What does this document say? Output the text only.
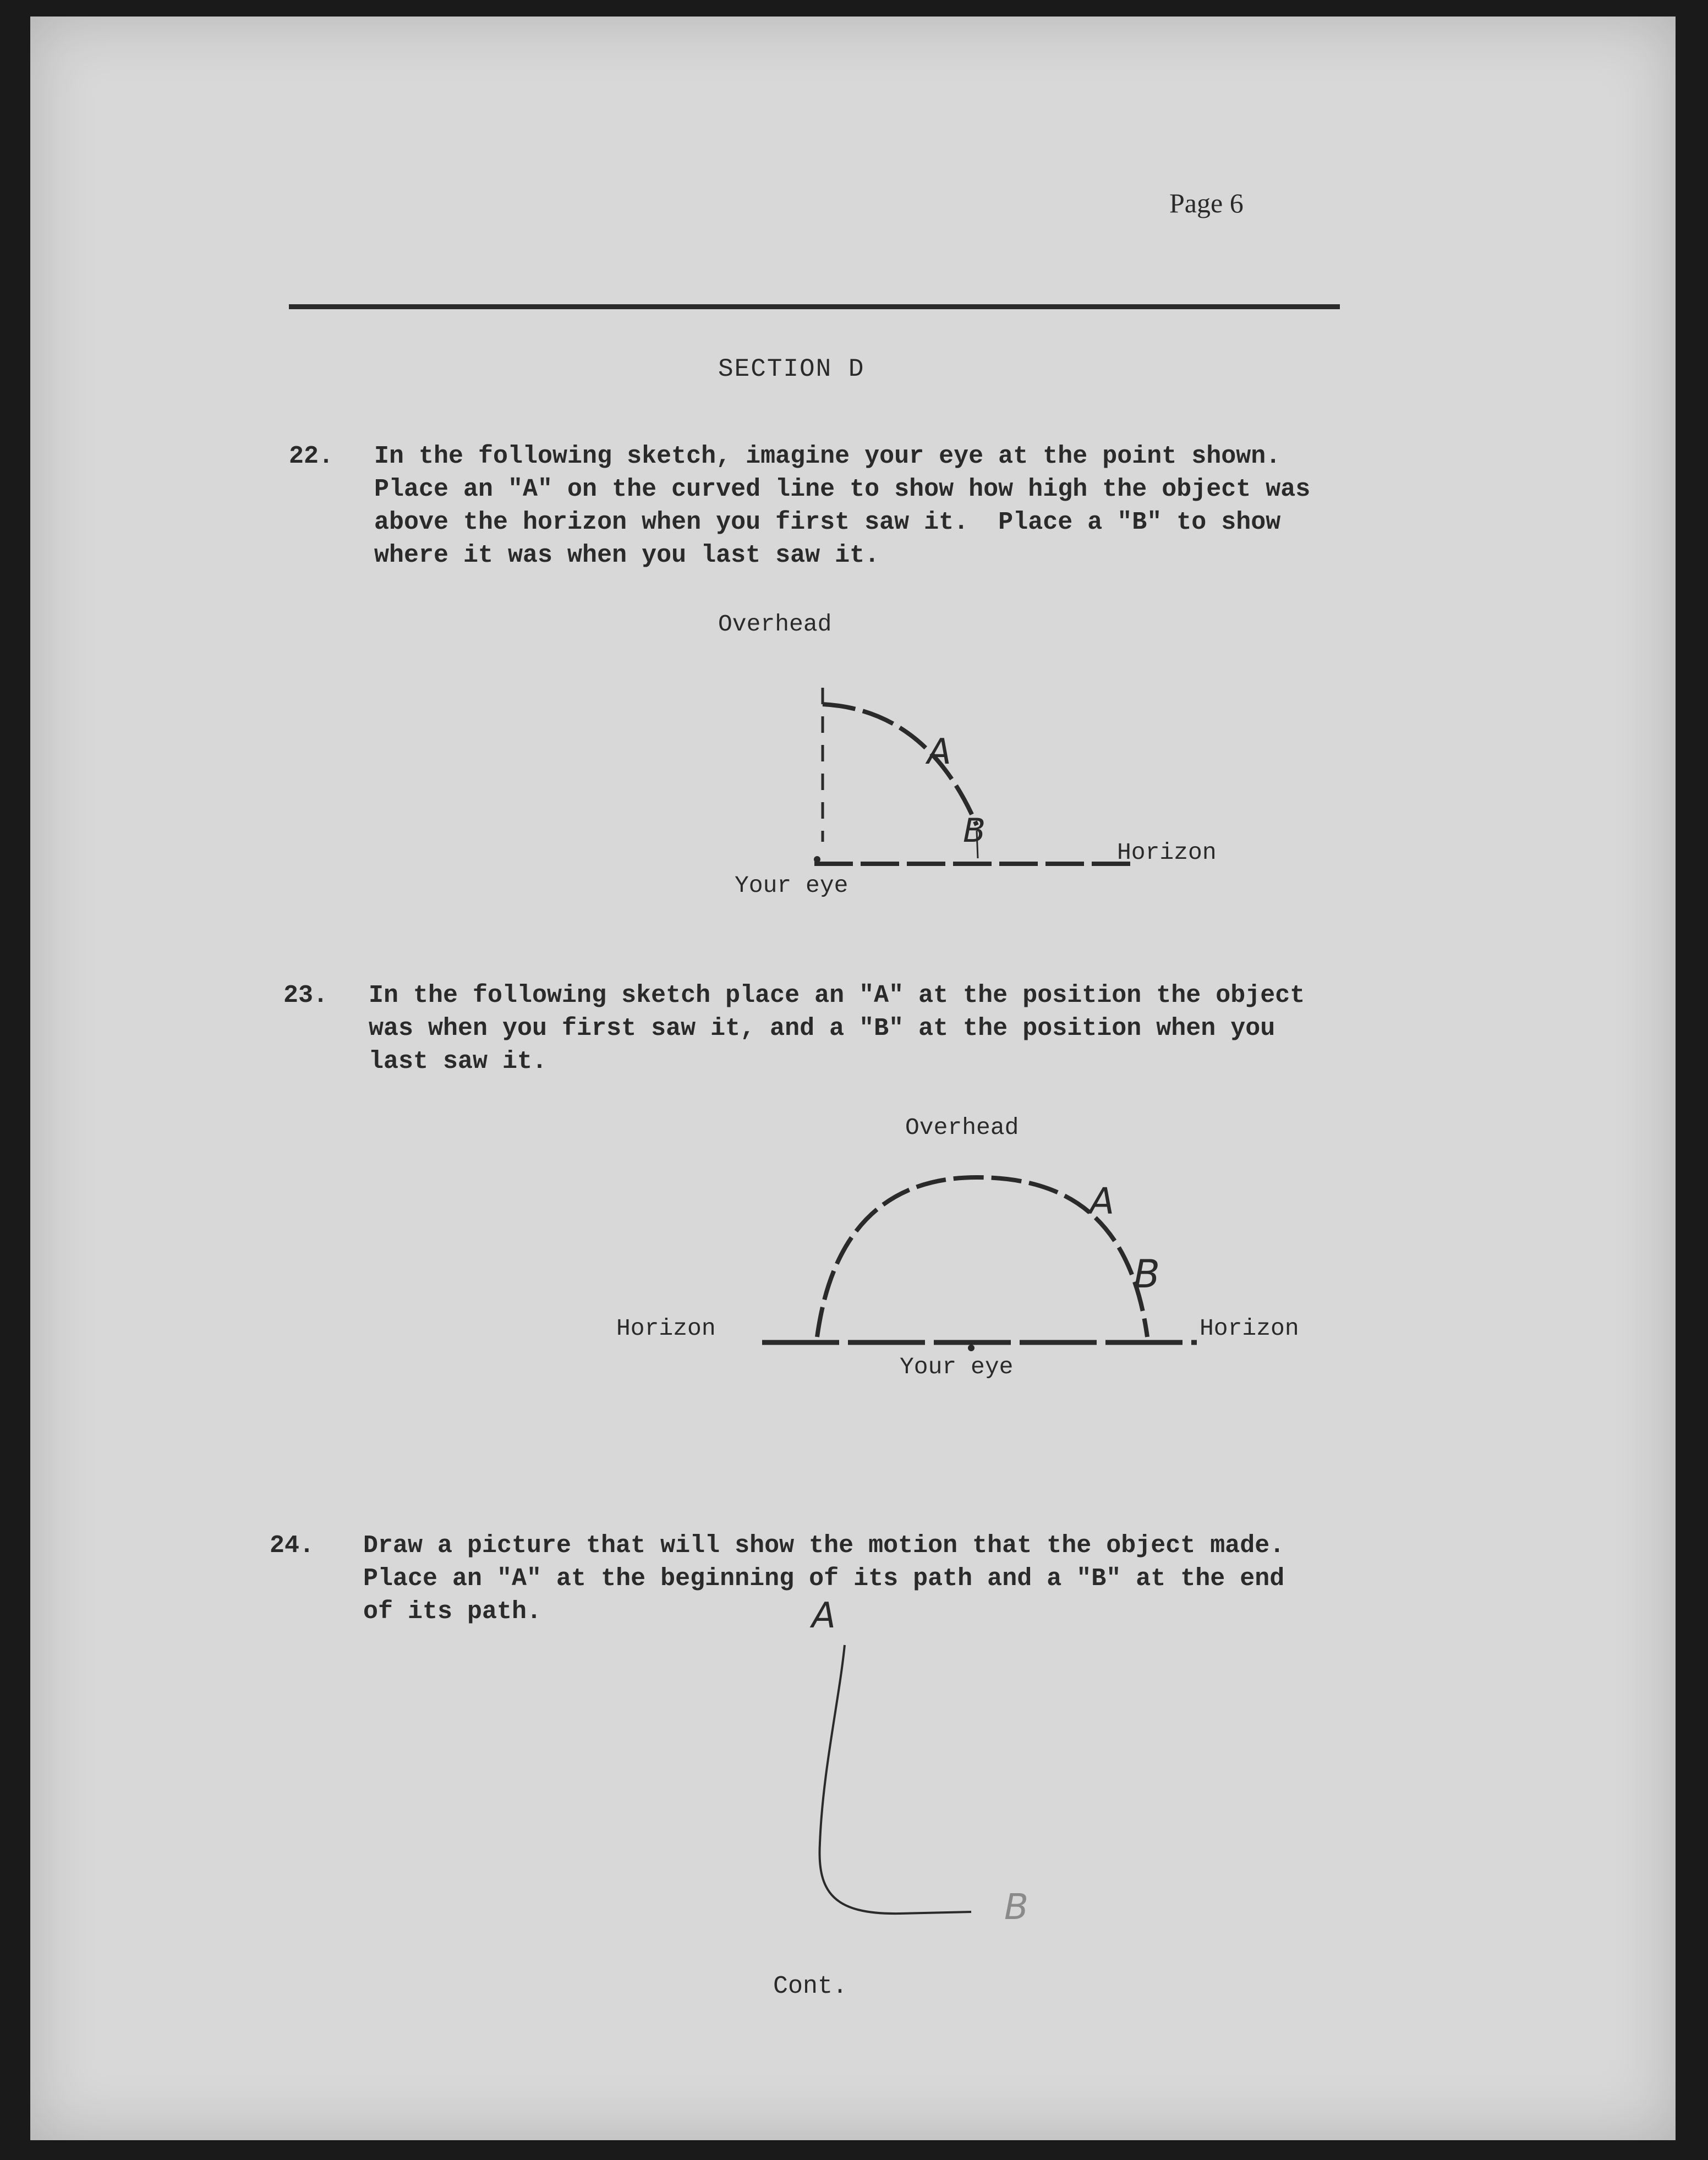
Page 6
SECTION D
22. In the following sketch, imagine your eye at the point shown.

Place an "A" on the curved line to show how high the object was

above the horizon when you first saw it.  Place a "B" to show

where it was when you last saw it.

Overhead
Horizon
Your eye
A
B
23. In the following sketch place an "A" at the position the object

was when you first saw it, and a "B" at the position when you

last saw it.

Overhead
Horizon	Horizon
Your eye
A
B
24. Draw a picture that will show the motion that the object made.

Place an "A" at the beginning of its path and a "B" at the end

of its path.	A
B
Cont.
